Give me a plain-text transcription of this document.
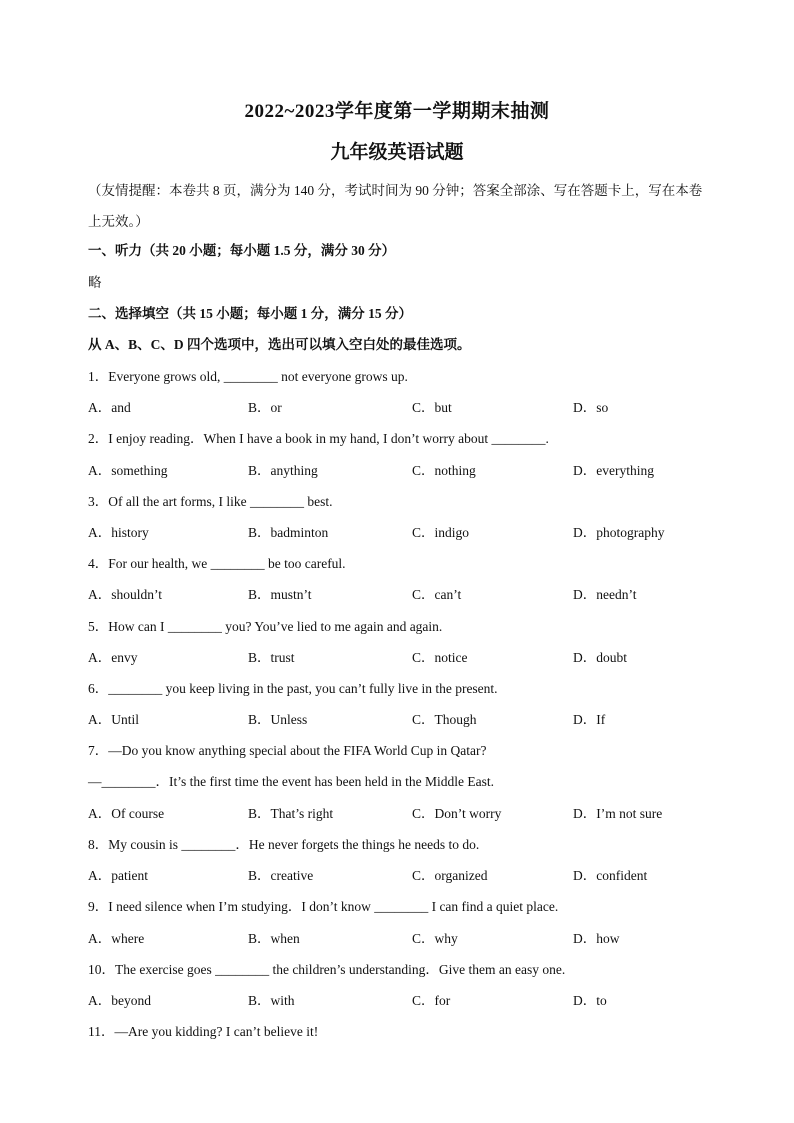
2022~2023学年度第一学期期末抽测
九年级英语试题
（友情提醒：本卷共 8 页，满分为 140 分，考试时间为 90 分钟；答案全部涂、写在答题卡上，写在本卷上无效。）
一、听力（共 20 小题；每小题 1.5 分，满分 30 分）
略
二、选择填空（共 15 小题；每小题 1 分，满分 15 分）
从 A、B、C、D 四个选项中，选出可以填入空白处的最佳选项。
1．Everyone grows old, ________ not everyone grows up.
A．and	B．or	C．but	D．so
2．I enjoy reading．When I have a book in my hand, I don’t worry about ________.
A．something	B．anything	C．nothing	D．everything
3．Of all the art forms, I like ________ best.
A．history	B．badminton	C．indigo	D．photography
4．For our health, we ________ be too careful.
A．shouldn’t	B．mustn’t	C．can’t	D．needn’t
5．How can I ________ you? You’ve lied to me again and again.
A．envy	B．trust	C．notice	D．doubt
6．________ you keep living in the past, you can’t fully live in the present.
A．Until	B．Unless	C．Though	D．If
7．—Do you know anything special about the FIFA World Cup in Qatar?
—________．It’s the first time the event has been held in the Middle East.
A．Of course	B．That’s right	C．Don’t worry	D．I’m not sure
8．My cousin is ________．He never forgets the things he needs to do.
A．patient	B．creative	C．organized	D．confident
9．I need silence when I’m studying．I don’t know ________ I can find a quiet place.
A．where	B．when	C．why	D．how
10．The exercise goes ________ the children’s understanding．Give them an easy one.
A．beyond	B．with	C．for	D．to
11．—Are you kidding? I can’t believe it!
